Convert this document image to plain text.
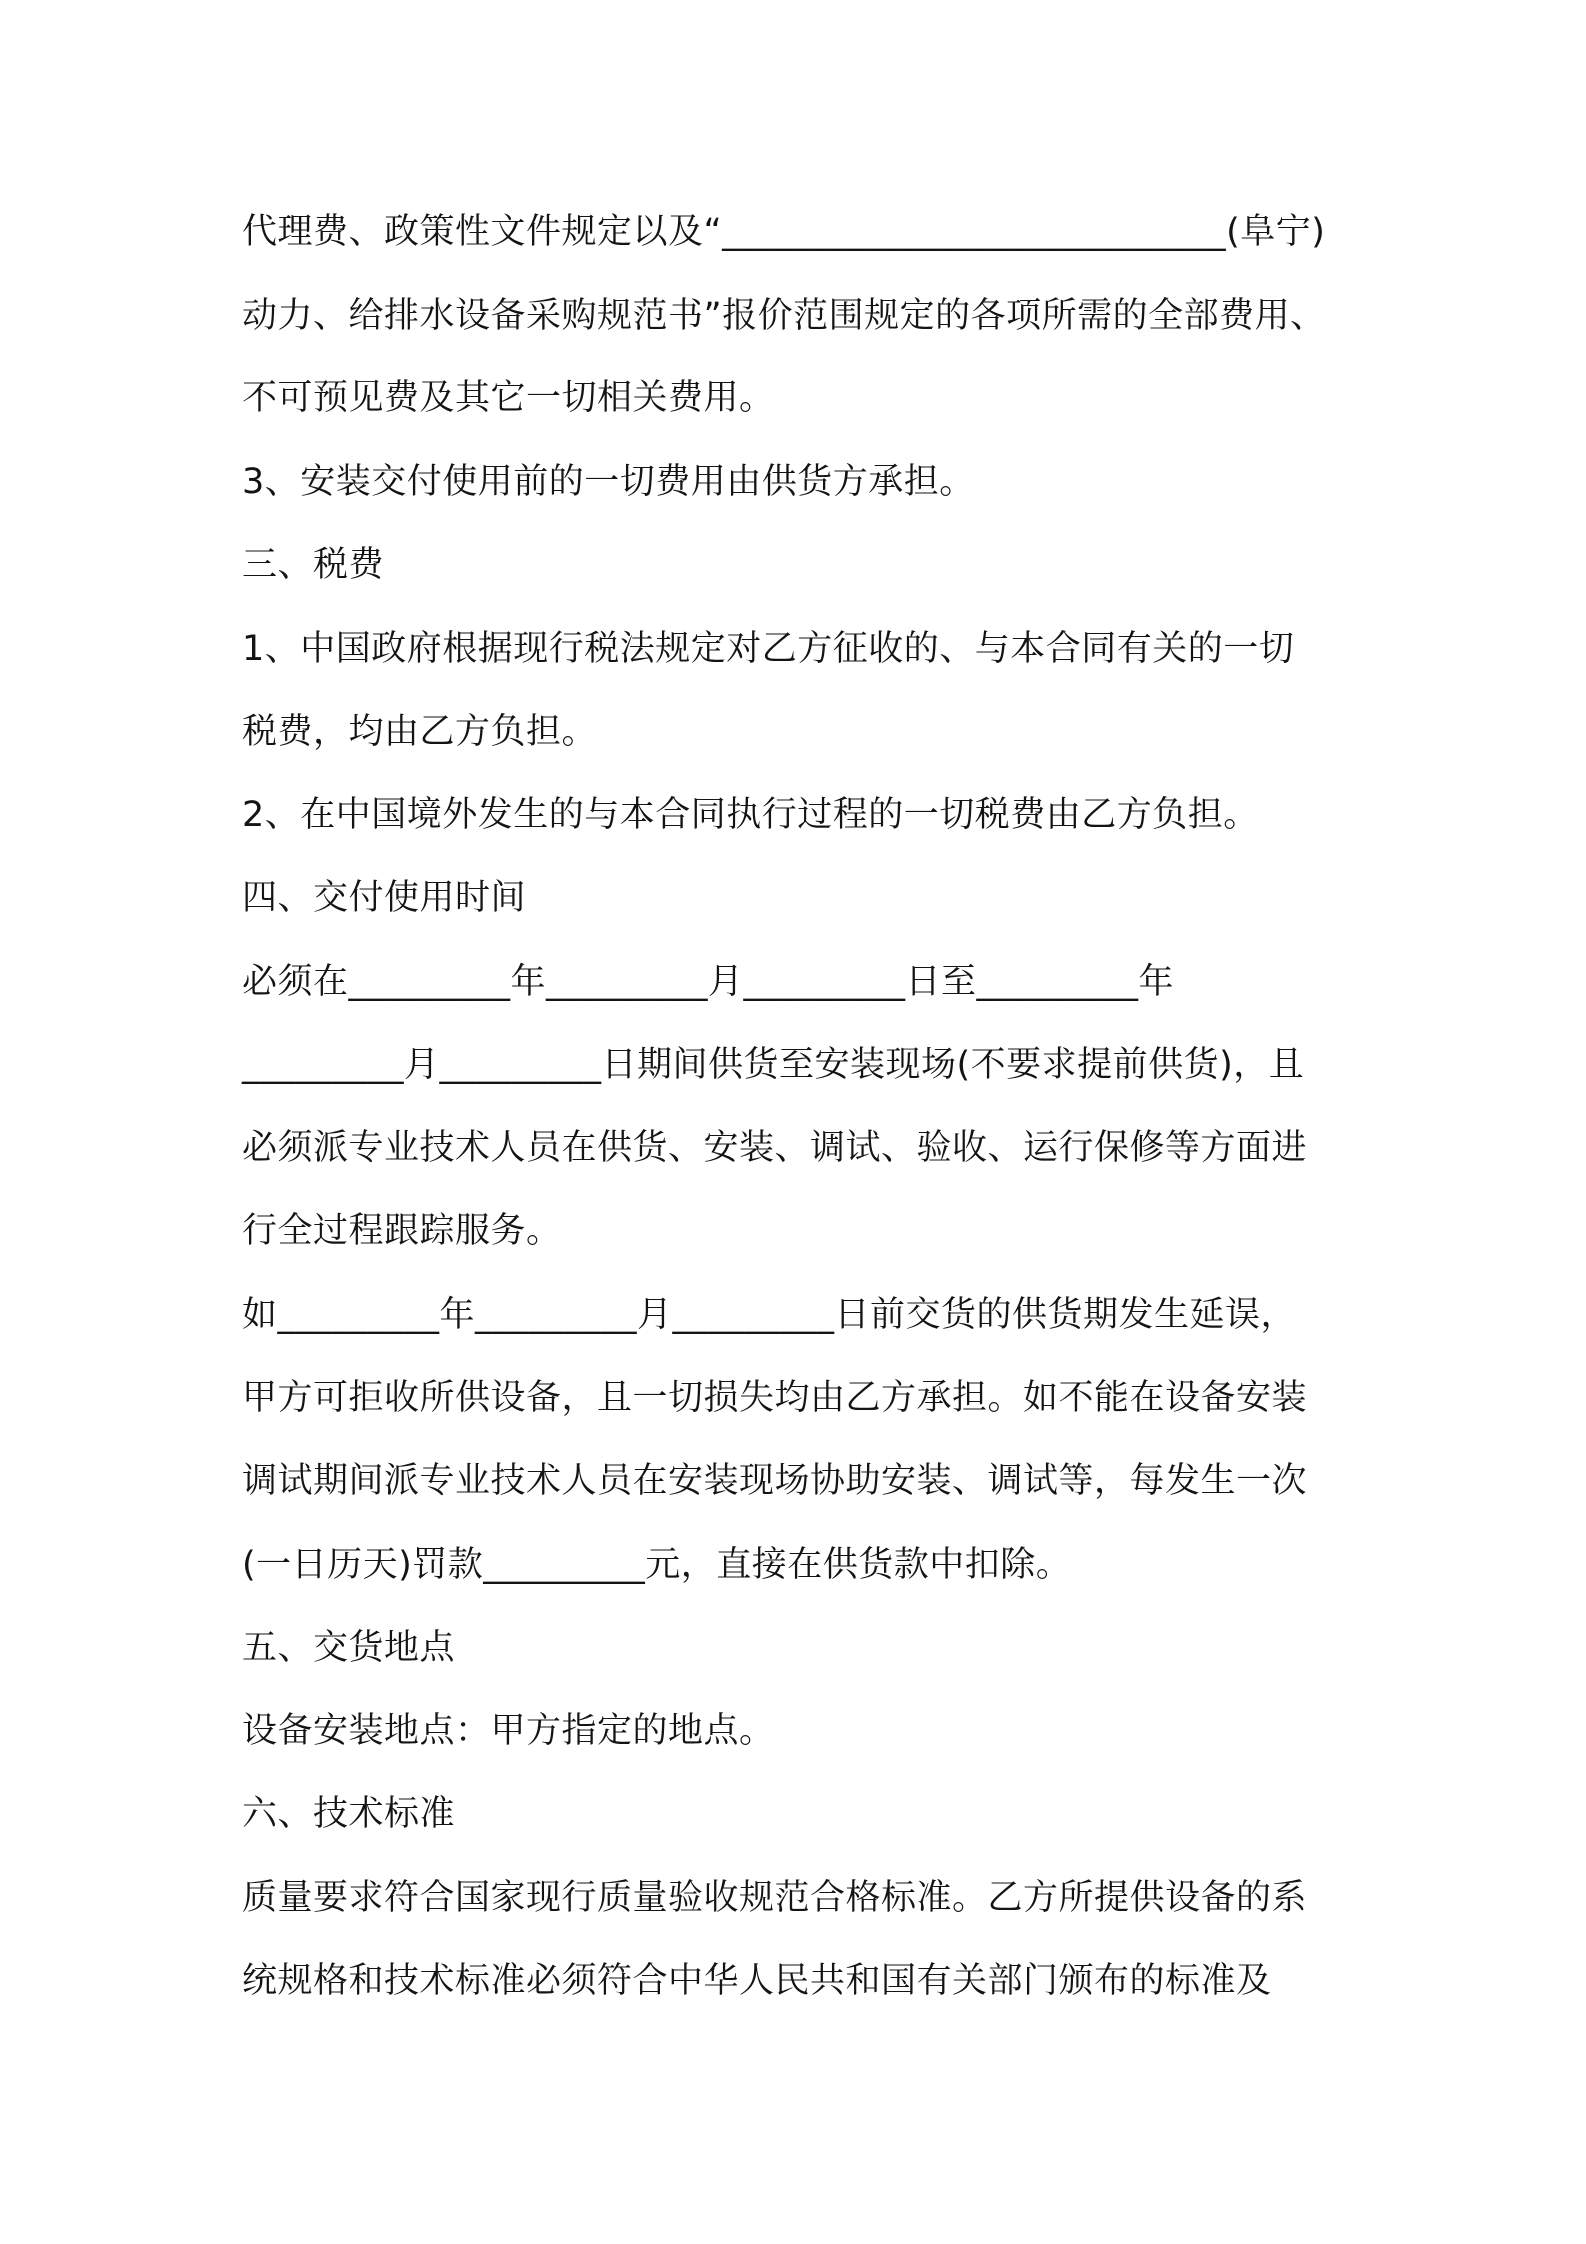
代理费、政策性文件规定以及“____________________________(阜宁)
动力、给排水设备采购规范书”报价范围规定的各项所需的全部费用、
不可预见费及其它一切相关费用。
3、安装交付使用前的一切费用由供货方承担。
三、税费
1、中国政府根据现行税法规定对乙方征收的、与本合同有关的一切
税费，均由乙方负担。
2、在中国境外发生的与本合同执行过程的一切税费由乙方负担。
四、交付使用时间
必须在_________年_________月_________日至_________年
_________月_________日期间供货至安装现场(不要求提前供货)，且
必须派专业技术人员在供货、安装、调试、验收、运行保修等方面进
行全过程跟踪服务。
如_________年_________月_________日前交货的供货期发生延误，
甲方可拒收所供设备，且一切损失均由乙方承担。如不能在设备安装
调试期间派专业技术人员在安装现场协助安装、调试等，每发生一次
(一日历天)罚款_________元，直接在供货款中扣除。
五、交货地点
设备安装地点：甲方指定的地点。
六、技术标准
质量要求符合国家现行质量验收规范合格标准。乙方所提供设备的系
统规格和技术标准必须符合中华人民共和国有关部门颁布的标准及
